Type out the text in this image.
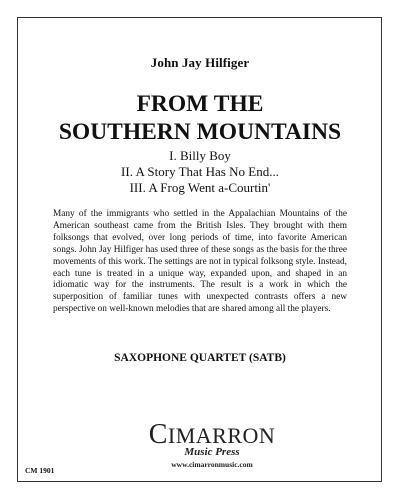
John Jay Hilfiger
FROM THE
SOUTHERN MOUNTAINS
I. Billy Boy
II. A Story That Has No End...
III. A Frog Went a-Courtin'

Many of the immigrants who settled in the Appalachian Mountains of the American southeast came from the British Isles. They brought with them folksongs that evolved, over long periods of time, into favorite American songs. John Jay Hilfiger has used three of these songs as the basis for the three movements of this work. The settings are not in typical folksong style. Instead, each tune is treated in a unique way, expanded upon, and shaped in an idiomatic way for the instruments. The result is a work in which the superposition of familiar tunes with unexpected contrasts offers a new perspective on well-known melodies that are shared among all the players.

SAXOPHONE QUARTET (SATB)
CIMARRON
Music Press
www.cimarronmusic.com
CM 1901
